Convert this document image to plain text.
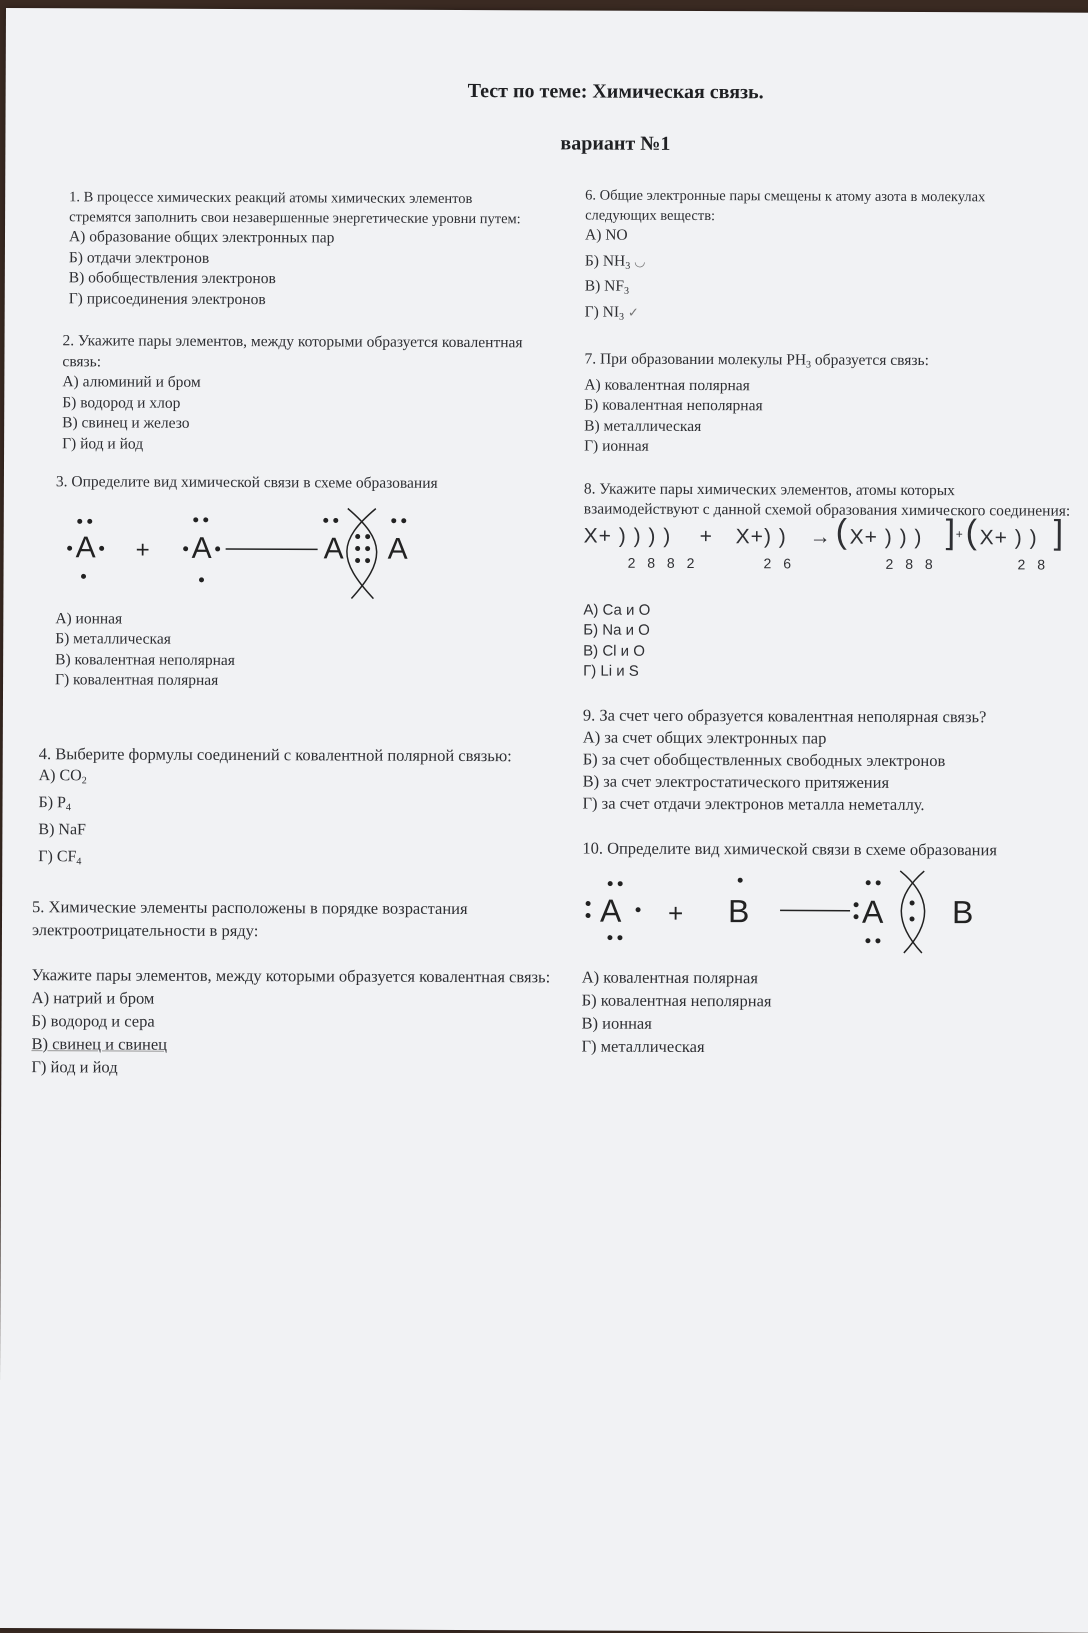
Тест по теме: Химическая связь.
вариант №1
1. В процессе химических реакций атомы химических элементов стремятся заполнить свои незавершенные энергетические уровни путем:
А) образование общих электронных пар
Б) отдачи электронов
В) обобществления электронов
Г) присоединения электронов
2. Укажите пары элементов, между которыми образуется ковалентная связь:
А) алюминий и бром
Б) водород и хлор
В) свинец и железо
Г) йод и йод
3. Определите вид химической связи в схеме образования
A + A	A A
А) ионная
Б) металлическая
В) ковалентная неполярная
Г) ковалентная полярная
4. Выберите формулы соединений с ковалентной полярной связью:
А) $CO_2$
Б) $P_4$
В) NaF
Г) $CF_4$
5. Химические элементы расположены в порядке возрастания электроотрицательности в ряду:
Укажите пары элементов, между которыми образуется ковалентная связь:
А) натрий и бром
Б) водород и сера
В) свинец и свинец
Г) йод и йод
6. Общие электронные пары смещены к атому азота в молекулах следующих веществ:
А) NO
Б) $NH_3$ ◡
В) $NF_3$
Г) $NI_3$ ✓
7. При образовании молекулы $PH_3$ образуется связь:
А) ковалентная полярная
Б) ковалентная неполярная
В) металлическая
Г) ионная
8. Укажите пары химических элементов, атомы которых взаимодействуют с данной схемой образования химического соединения:
X+ ) ) ) )
2 8 8 2
+ X+) )
2 6
→ ( X+ ) ) )
2 8 8
] + ( X+ ) )
2 8
]
А) Са и О
Б) Na и О
В) Cl и О
Г) Li и S
9. За счет чего образуется ковалентная неполярная связь?
А) за счет общих электронных пар
Б) за счет обобществленных свободных электронов
В) за счет электростатического притяжения
Г) за счет отдачи электронов металла неметаллу.
10. Определите вид химической связи в схеме образования
A + B	A B
А) ковалентная полярная
Б) ковалентная неполярная
В) ионная
Г) металлическая
